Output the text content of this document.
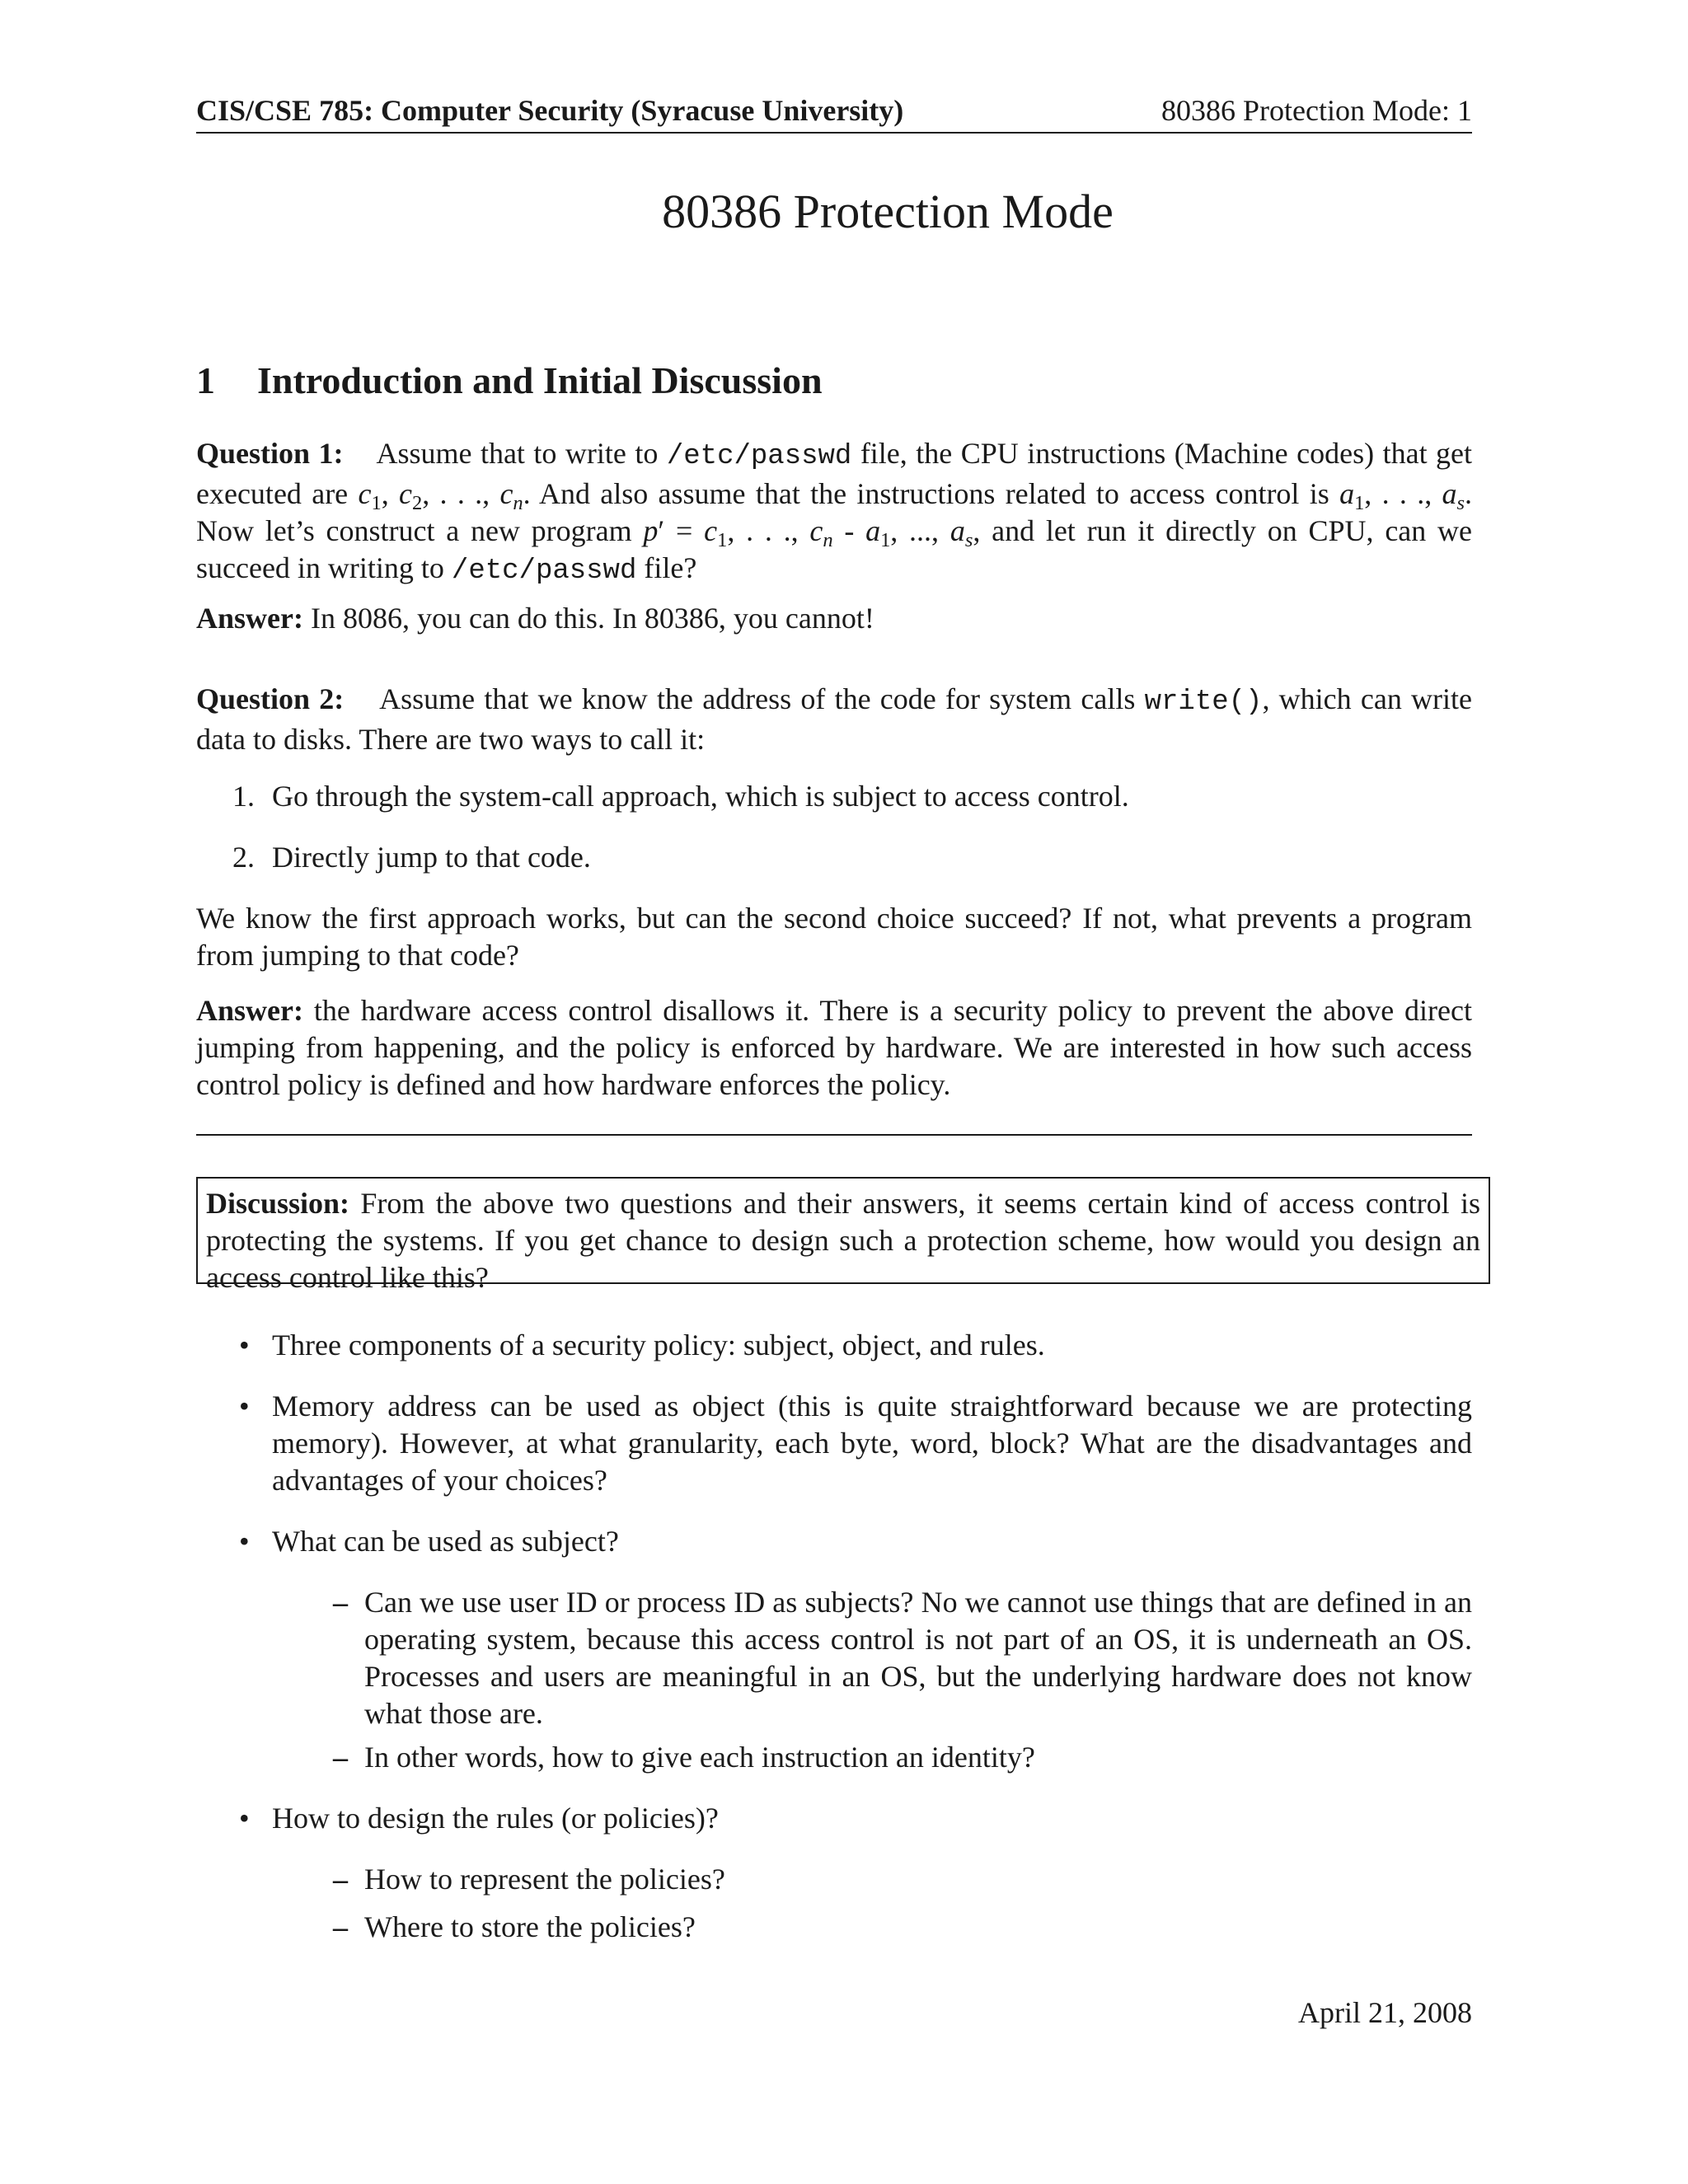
CIS/CSE 785: Computer Security (Syracuse University)	80386 Protection Mode: 1
80386 Protection Mode
1 Introduction and Initial Discussion
Question 1: Assume that to write to /etc/passwd file, the CPU instructions (Machine codes) that get executed are $c_1$, $c_2$, . . ., $c_n$. And also assume that the instructions related to access control is $a_1$, . . ., $a_s$. Now let’s construct a new program $p' = c_1$, . . ., $c_n - a_1$, ..., $a_s$, and let run it directly on CPU, can we succeed in writing to /etc/passwd file?
Answer: In 8086, you can do this. In 80386, you cannot!
Question 2: Assume that we know the address of the code for system calls write(), which can write data to disks. There are two ways to call it:
1. Go through the system-call approach, which is subject to access control.
2. Directly jump to that code.
We know the first approach works, but can the second choice succeed? If not, what prevents a program from jumping to that code?
Answer: the hardware access control disallows it. There is a security policy to prevent the above direct jumping from happening, and the policy is enforced by hardware. We are interested in how such access control policy is defined and how hardware enforces the policy.
Discussion: From the above two questions and their answers, it seems certain kind of access control is protecting the systems. If you get chance to design such a protection scheme, how would you design an access control like this?
• Three components of a security policy: subject, object, and rules.
• Memory address can be used as object (this is quite straightforward because we are protecting memory). However, at what granularity, each byte, word, block? What are the disadvantages and advantages of your choices?
• What can be used as subject?
– Can we use user ID or process ID as subjects? No we cannot use things that are defined in an operating system, because this access control is not part of an OS, it is underneath an OS. Processes and users are meaningful in an OS, but the underlying hardware does not know what those are.
– In other words, how to give each instruction an identity?
• How to design the rules (or policies)?
– How to represent the policies?
– Where to store the policies?
April 21, 2008
